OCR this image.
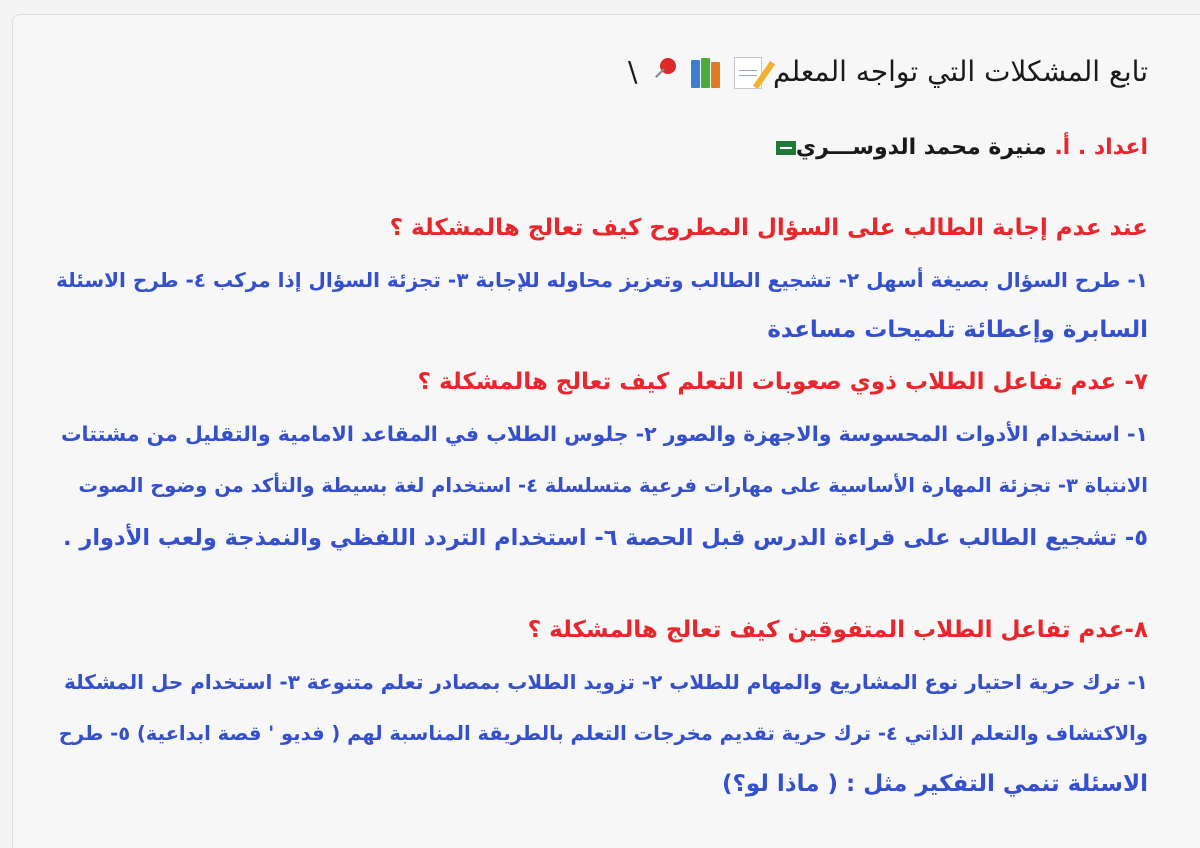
تابع المشكلات التي تواجه المعلم
\
اعداد . أ. منيرة محمد الدوســـري
عند عدم إجابة الطالب على السؤال المطروح كيف تعالج هالمشكلة ؟
١- طرح السؤال بصيغة أسهل ٢- تشجيع الطالب وتعزيز محاوله للإجابة ٣- تجزئة السؤال إذا مركب ٤- طرح الاسئلة
السابرة وإعطائة تلميحات مساعدة
٧- عدم تفاعل الطلاب ذوي صعوبات التعلم كيف تعالج هالمشكلة ؟
١- استخدام الأدوات المحسوسة والاجهزة والصور ٢- جلوس الطلاب في المقاعد الامامية والتقليل من مشتتات
الانتباة ٣- تجزئة المهارة الأساسية على مهارات فرعية متسلسلة ٤- استخدام لغة بسيطة والتأكد من وضوح الصوت
٥- تشجيع الطالب على قراءة الدرس قبل الحصة ٦- استخدام التردد اللفظي والنمذجة ولعب الأدوار .
٨-عدم تفاعل الطلاب المتفوقين كيف تعالج هالمشكلة ؟
١- ترك حرية احتيار نوع المشاريع والمهام للطلاب ٢- تزويد الطلاب بمصادر تعلم متنوعة ٣- استخدام حل المشكلة
والاكتشاف والتعلم الذاتي ٤- ترك حرية تقديم مخرجات التعلم بالطريقة المناسبة لهم ( فديو ' قصة ابداعية) ٥- طرح
الاسئلة تنمي التفكير مثل : ( ماذا لو؟)
